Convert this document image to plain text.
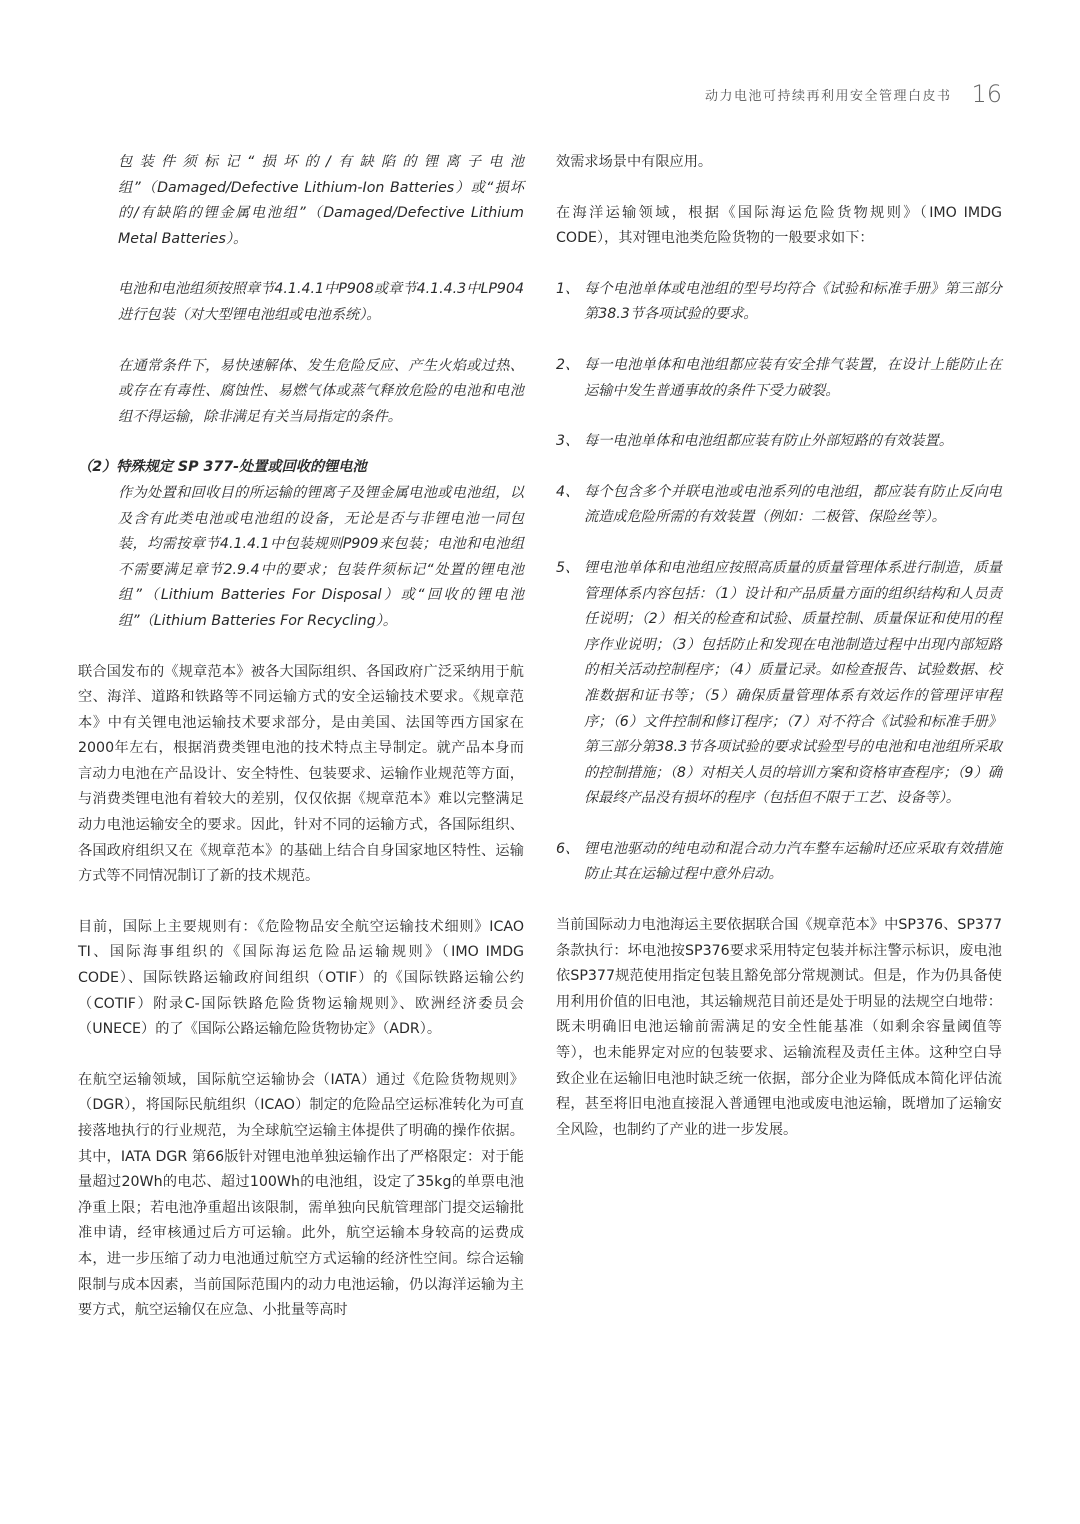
动力电池可持续再利用安全管理白皮书 16

包装件须标记“损坏的/有缺陷的锂离子电池组”（Damaged/Defective Lithium-Ion Batteries）或“损坏的/有缺陷的锂金属电池组”（Damaged/Defective Lithium Metal Batteries）。

电池和电池组须按照章节4.1.4.1中P908或章节4.1.4.3中LP904进行包装（对大型锂电池组或电池系统）。

在通常条件下，易快速解体、发生危险反应、产生火焰或过热、或存在有毒性、腐蚀性、易燃气体或蒸气释放危险的电池和电池组不得运输，除非满足有关当局指定的条件。

（2）特殊规定 SP 377-处置或回收的锂电池

作为处置和回收目的所运输的锂离子及锂金属电池或电池组，以及含有此类电池或电池组的设备，无论是否与非锂电池一同包装，均需按章节4.1.4.1中包装规则P909来包装；电池和电池组不需要满足章节2.9.4中的要求；包装件须标记“处置的锂电池组”（Lithium Batteries For Disposal）或“回收的锂电池组”（Lithium Batteries For Recycling）。

联合国发布的《规章范本》被各大国际组织、各国政府广泛采纳用于航空、海洋、道路和铁路等不同运输方式的安全运输技术要求。《规章范本》中有关锂电池运输技术要求部分，是由美国、法国等西方国家在2000年左右，根据消费类锂电池的技术特点主导制定。就产品本身而言动力电池在产品设计、安全特性、包装要求、运输作业规范等方面，与消费类锂电池有着较大的差别，仅仅依据《规章范本》难以完整满足动力电池运输安全的要求。因此，针对不同的运输方式，各国际组织、各国政府组织又在《规章范本》的基础上结合自身国家地区特性、运输方式等不同情况制订了新的技术规范。

目前，国际上主要规则有：《危险物品安全航空运输技术细则》ICAO TI、国际海事组织的《国际海运危险品运输规则》（IMO IMDG CODE）、国际铁路运输政府间组织（OTIF）的《国际铁路运输公约（COTIF）附录C-国际铁路危险货物运输规则》、欧洲经济委员会（UNECE）的了《国际公路运输危险货物协定》（ADR）。

在航空运输领域，国际航空运输协会（IATA）通过《危险货物规则》（DGR），将国际民航组织（ICAO）制定的危险品空运标准转化为可直接落地执行的行业规范，为全球航空运输主体提供了明确的操作依据。其中，IATA DGR 第66版针对锂电池单独运输作出了严格限定：对于能量超过20Wh的电芯、超过100Wh的电池组，设定了35kg的单票电池净重上限；若电池净重超出该限制，需单独向民航管理部门提交运输批准申请，经审核通过后方可运输。此外，航空运输本身较高的运费成本，进一步压缩了动力电池通过航空方式运输的经济性空间。综合运输限制与成本因素，当前国际范围内的动力电池运输，仍以海洋运输为主要方式，航空运输仅在应急、小批量等高时

效需求场景中有限应用。

在海洋运输领域，根据《国际海运危险货物规则》（IMO IMDG CODE），其对锂电池类危险货物的一般要求如下：

1、 每个电池单体或电池组的型号均符合《试验和标准手册》第三部分第38.3节各项试验的要求。
2、 每一电池单体和电池组都应装有安全排气装置，在设计上能防止在运输中发生普通事故的条件下受力破裂。
3、 每一电池单体和电池组都应装有防止外部短路的有效装置。
4、 每个包含多个并联电池或电池系列的电池组，都应装有防止反向电流造成危险所需的有效装置（例如：二极管、保险丝等）。
5、 锂电池单体和电池组应按照高质量的质量管理体系进行制造，质量管理体系内容包括：（1）设计和产品质量方面的组织结构和人员责任说明；（2）相关的检查和试验、质量控制、质量保证和使用的程序作业说明；（3）包括防止和发现在电池制造过程中出现内部短路的相关活动控制程序；（4）质量记录。如检查报告、试验数据、校准数据和证书等；（5）确保质量管理体系有效运作的管理评审程序；（6）文件控制和修订程序；（7）对不符合《试验和标准手册》第三部分第38.3节各项试验的要求试验型号的电池和电池组所采取的控制措施；（8）对相关人员的培训方案和资格审查程序；（9）确保最终产品没有损坏的程序（包括但不限于工艺、设备等）。
6、 锂电池驱动的纯电动和混合动力汽车整车运输时还应采取有效措施防止其在运输过程中意外启动。

当前国际动力电池海运主要依据联合国《规章范本》中SP376、SP377条款执行：坏电池按SP376要求采用特定包装并标注警示标识，废电池依SP377规范使用指定包装且豁免部分常规测试。但是，作为仍具备使用利用价值的旧电池，其运输规范目前还是处于明显的法规空白地带：既未明确旧电池运输前需满足的安全性能基准（如剩余容量阈值等等），也未能界定对应的包装要求、运输流程及责任主体。这种空白导致企业在运输旧电池时缺乏统一依据，部分企业为降低成本简化评估流程，甚至将旧电池直接混入普通锂电池或废电池运输，既增加了运输安全风险，也制约了产业的进一步发展。
